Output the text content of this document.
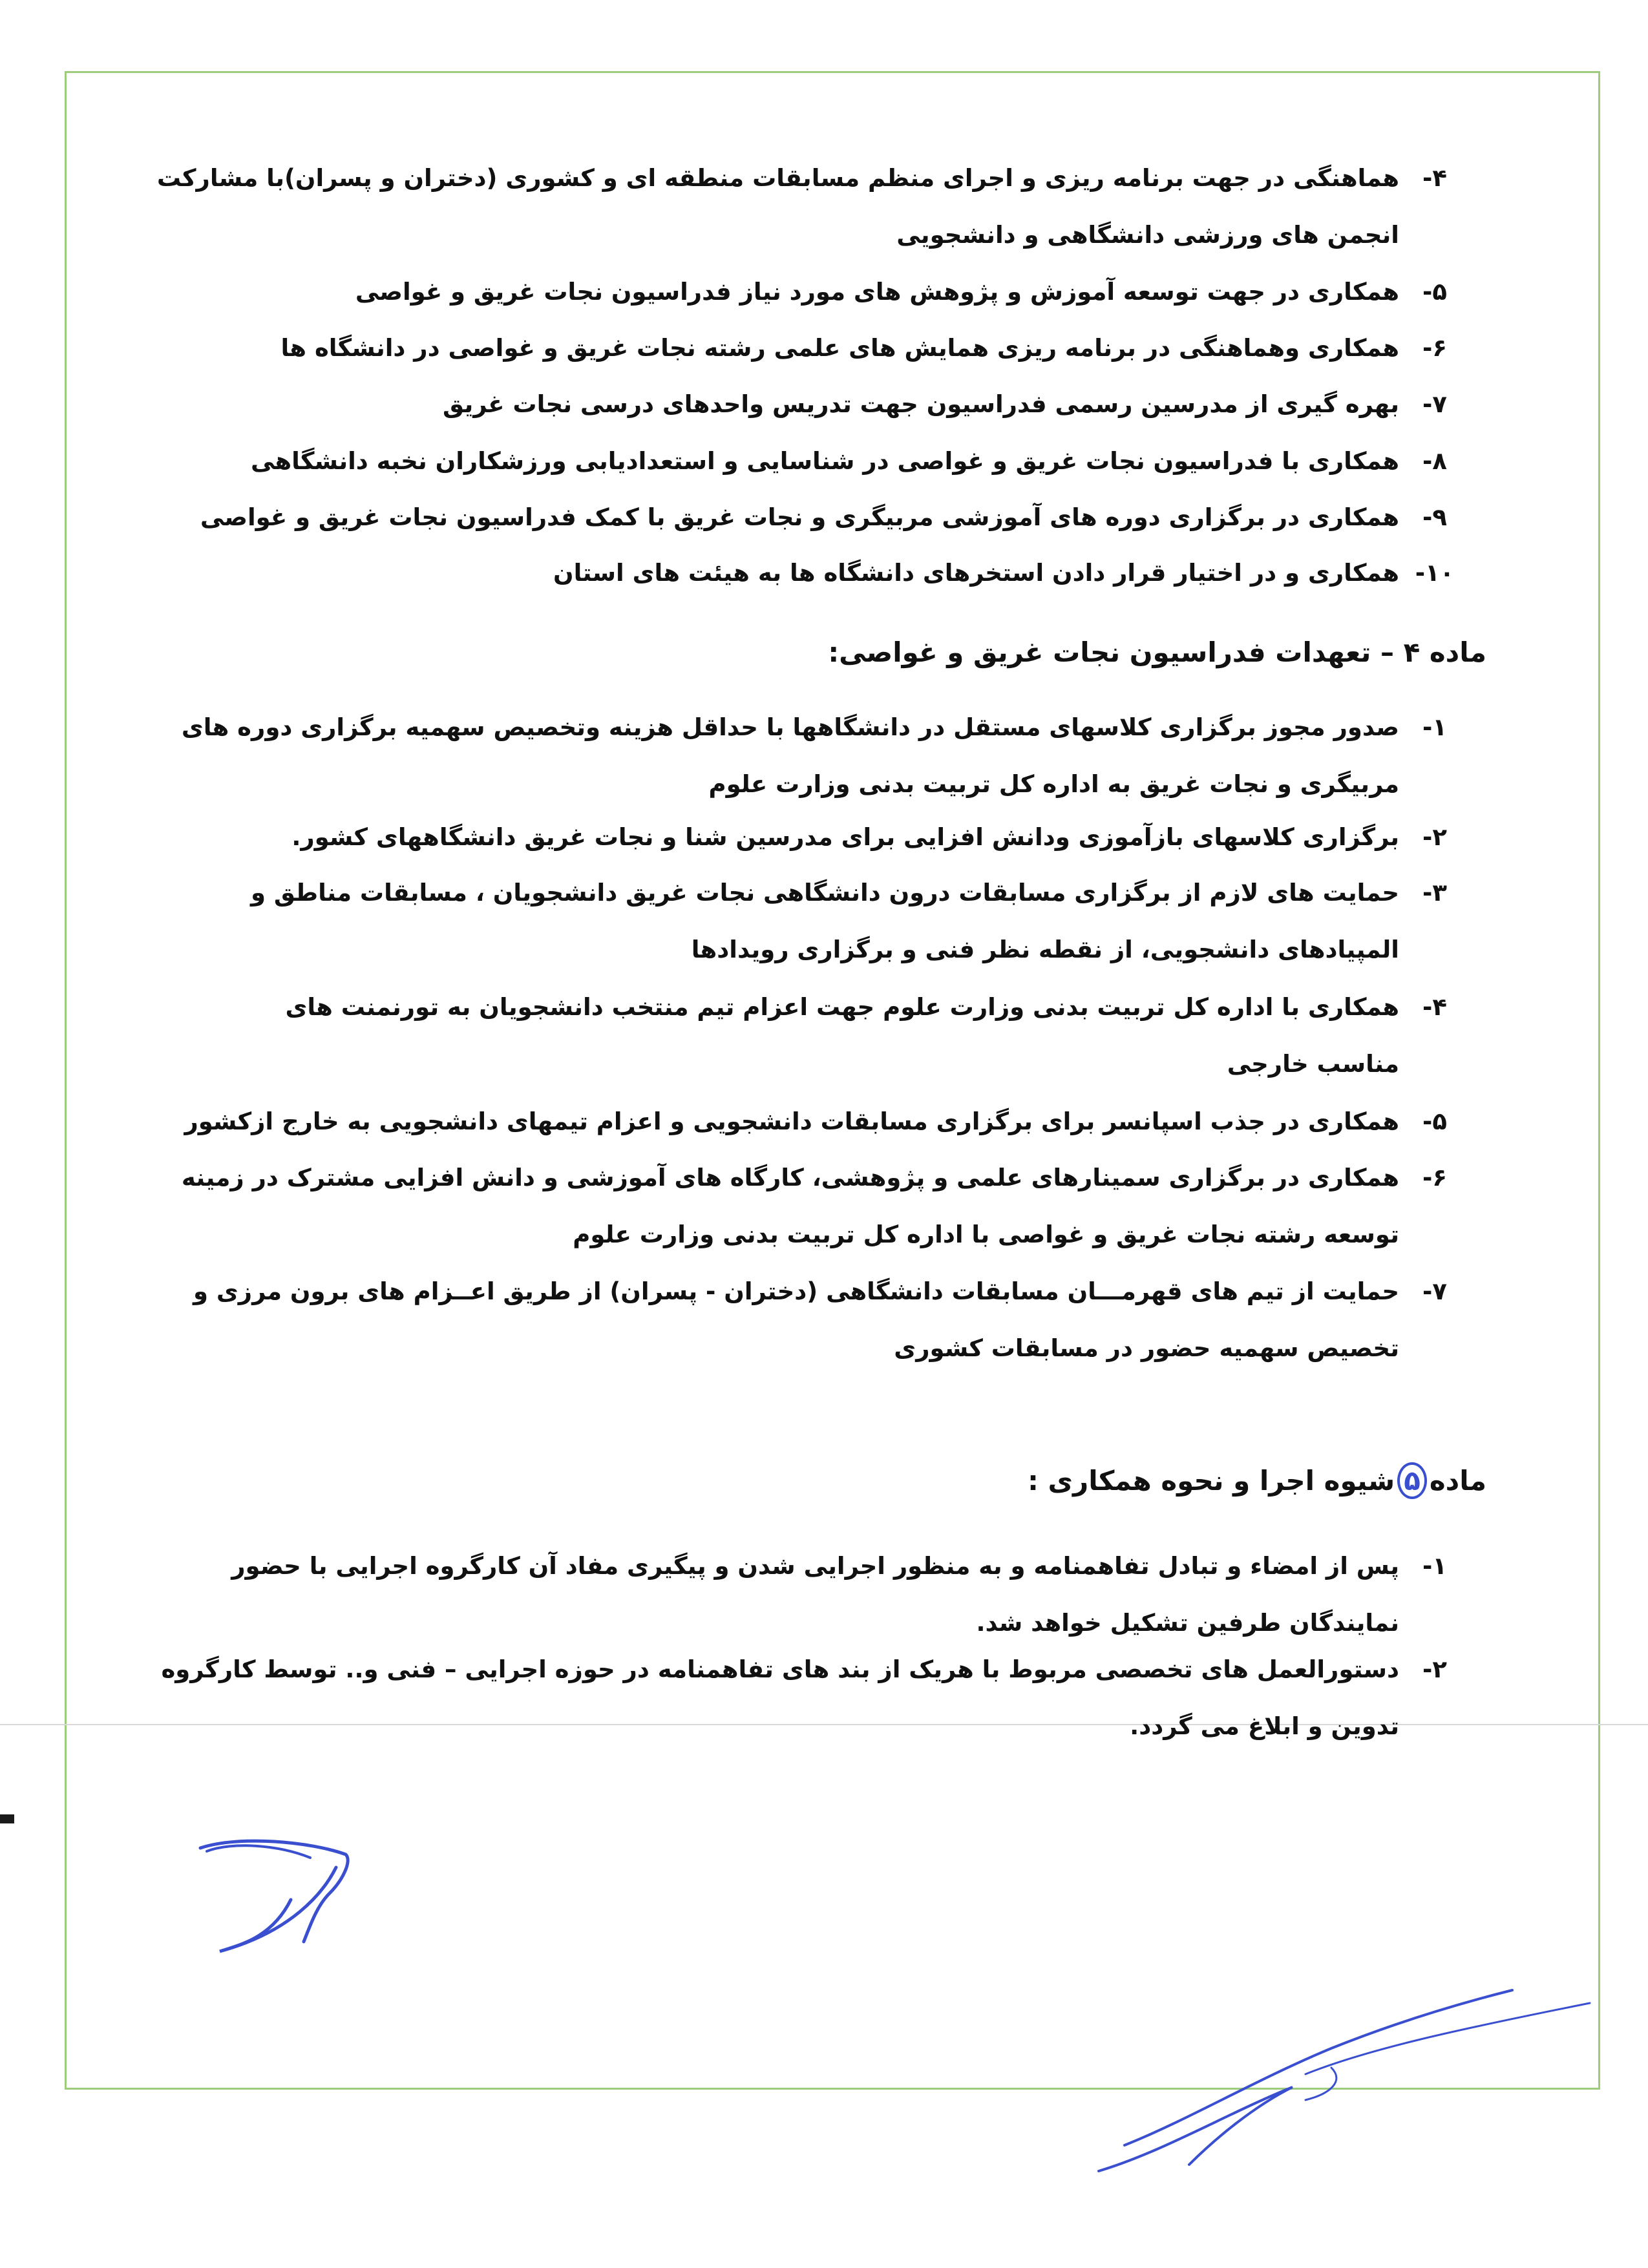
۴-
هماهنگی در جهت برنامه ریزی و اجرای منظم مسابقات منطقه ای و کشوری (دختران و پسران)با مشارکت
انجمن های ورزشی دانشگاهی و دانشجویی
۵-
همکاری در جهت توسعه آموزش و پژوهش های مورد نیاز فدراسیون نجات غریق و غواصی
۶-
همکاری وهماهنگی در برنامه ریزی همایش های علمی رشته نجات غریق و غواصی در دانشگاه ها
۷-
بهره گیری از مدرسین رسمی فدراسیون جهت تدریس واحدهای درسی نجات غریق
۸-
همکاری با فدراسیون نجات غریق و غواصی در شناسایی و استعدادیابی ورزشکاران نخبه دانشگاهی
۹-
همکاری در برگزاری دوره های آموزشی مربیگری و نجات غریق با کمک فدراسیون نجات غریق و غواصی
۱۰-
همکاری و در اختیار قرار دادن استخرهای دانشگاه ها به هیئت های استان
ماده ۴ – تعهدات فدراسیون نجات غریق و غواصی:
۱-
صدور مجوز برگزاری کلاسهای مستقل در دانشگاهها با حداقل هزینه وتخصیص سهمیه برگزاری دوره های
مربیگری و نجات غریق به اداره کل تربیت بدنی وزارت علوم
۲-
برگزاری کلاسهای بازآموزی ودانش افزایی برای مدرسین شنا و نجات غریق دانشگاههای کشور.
۳-
حمایت های لازم از برگزاری مسابقات درون دانشگاهی نجات غریق دانشجویان ، مسابقات مناطق و
المپیادهای دانشجویی، از نقطه نظر فنی و برگزاری رویدادها
۴-
همکاری با اداره کل تربیت بدنی وزارت علوم جهت اعزام تیم منتخب دانشجویان به تورنمنت های
مناسب خارجی
۵-
همکاری در جذب اسپانسر برای برگزاری مسابقات دانشجویی و اعزام تیمهای دانشجویی به خارج ازکشور
۶-
همکاری در برگزاری سمینارهای علمی و پژوهشی، کارگاه های آموزشی و دانش افزایی مشترک در زمینه
توسعه رشته نجات غریق و غواصی با اداره کل تربیت بدنی وزارت علوم
۷-
حمایت از تیم های قهرمـــان مسابقات دانشگاهی (دختران - پسران) از طریق اعــزام های برون مرزی و
تخصیص سهمیه حضور در مسابقات کشوری
ماده۵شیوه اجرا و نحوه همکاری :
۱-
پس از امضاء و تبادل تفاهمنامه و به منظور اجرایی شدن و پیگیری مفاد آن کارگروه اجرایی با حضور
نمایندگان طرفین تشکیل خواهد شد.
۲-
دستورالعمل های تخصصی مربوط با هریک از بند های تفاهمنامه در حوزه اجرایی – فنی و.. توسط کارگروه
تدوین و ابلاغ می گردد.
